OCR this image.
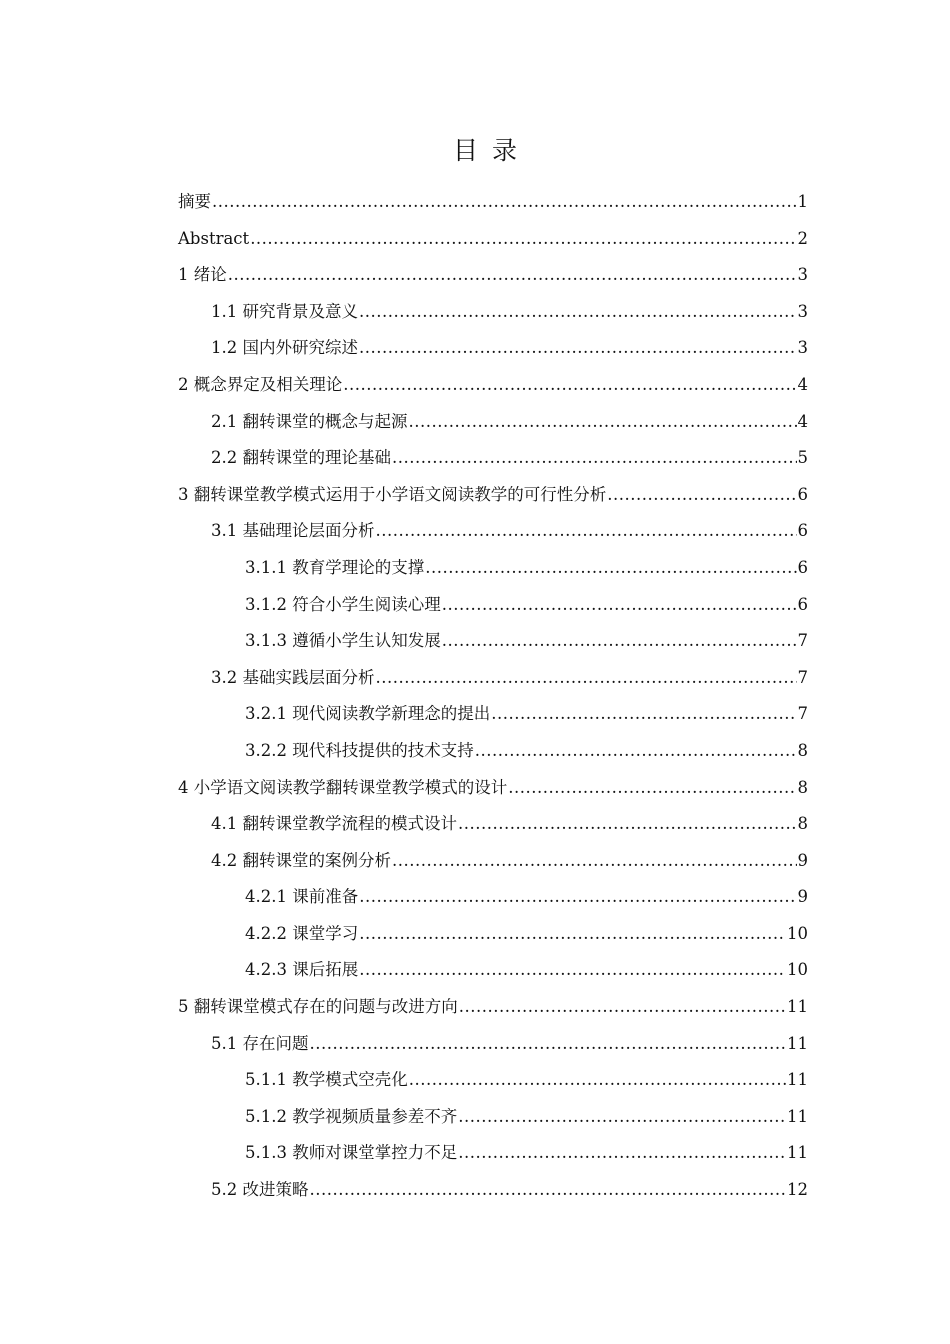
目录
摘要 .....	1
Abstract .....	2
1 绪论 .....	3
1.1 研究背景及意义 .....	3
1.2 国内外研究综述 .....	3
2 概念界定及相关理论 .....	4
2.1 翻转课堂的概念与起源 .....	4
2.2 翻转课堂的理论基础 .....	5
3 翻转课堂教学模式运用于小学语文阅读教学的可行性分析 .....	6
3.1 基础理论层面分析 .....	6
3.1.1 教育学理论的支撑 .....	6
3.1.2 符合小学生阅读心理 .....	6
3.1.3 遵循小学生认知发展 .....	7
3.2 基础实践层面分析 .....	7
3.2.1 现代阅读教学新理念的提出 .....	7
3.2.2 现代科技提供的技术支持 .....	8
4 小学语文阅读教学翻转课堂教学模式的设计 .....	8
4.1 翻转课堂教学流程的模式设计 .....	8
4.2 翻转课堂的案例分析 .....	9
4.2.1 课前准备 .....	9
4.2.2 课堂学习 .....	10
4.2.3 课后拓展 .....	10
5 翻转课堂模式存在的问题与改进方向 .....	11
5.1 存在问题 .....	11
5.1.1 教学模式空壳化 .....	11
5.1.2 教学视频质量参差不齐 .....	11
5.1.3 教师对课堂掌控力不足 .....	11
5.2 改进策略 .....	12
